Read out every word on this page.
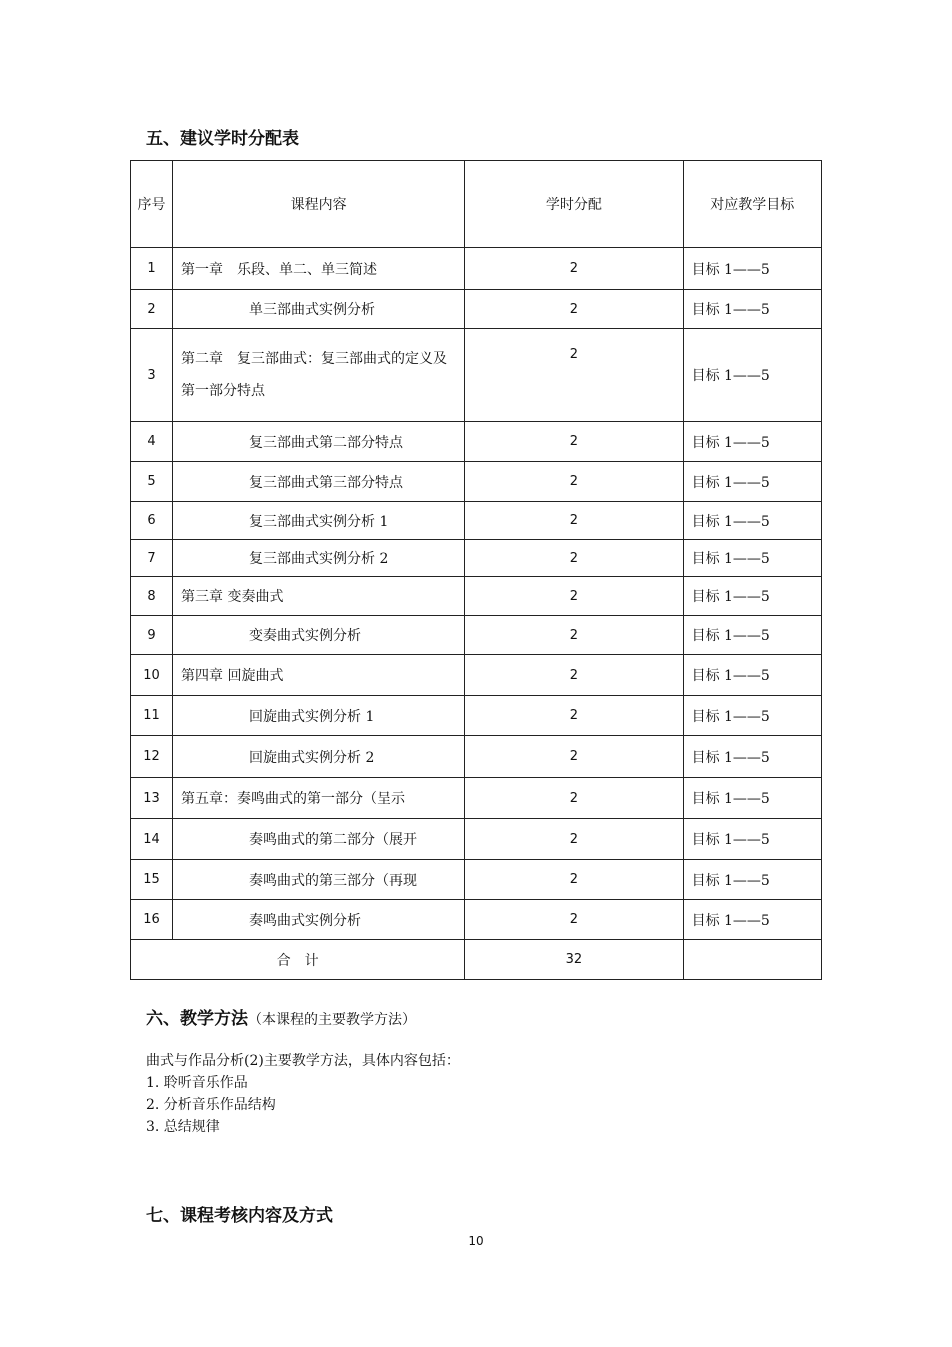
五、建议学时分配表
序号	课程内容	学时分配	对应教学目标
1	第一章　乐段、单二、单三简述	2	目标 1——5
2	单三部曲式实例分析	2	目标 1——5
3	第二章　复三部曲式：复三部曲式的定义及第一部分特点	2	目标 1——5
4	复三部曲式第二部分特点	2	目标 1——5
5	复三部曲式第三部分特点	2	目标 1——5
6	复三部曲式实例分析 1	2	目标 1——5
7	复三部曲式实例分析 2	2	目标 1——5
8	第三章 变奏曲式	2	目标 1——5
9	变奏曲式实例分析	2	目标 1——5
10	第四章 回旋曲式	2	目标 1——5
11	回旋曲式实例分析 1	2	目标 1——5
12	回旋曲式实例分析 2	2	目标 1——5
13	第五章：奏鸣曲式的第一部分（呈示	2	目标 1——5
14	奏鸣曲式的第二部分（展开	2	目标 1——5
15	奏鸣曲式的第三部分（再现	2	目标 1——5
16	奏鸣曲式实例分析	2	目标 1——5
合　计		32	
六、教学方法（本课程的主要教学方法）
曲式与作品分析(2)主要教学方法，具体内容包括：
1. 聆听音乐作品
2. 分析音乐作品结构
3. 总结规律
七、课程考核内容及方式
10
